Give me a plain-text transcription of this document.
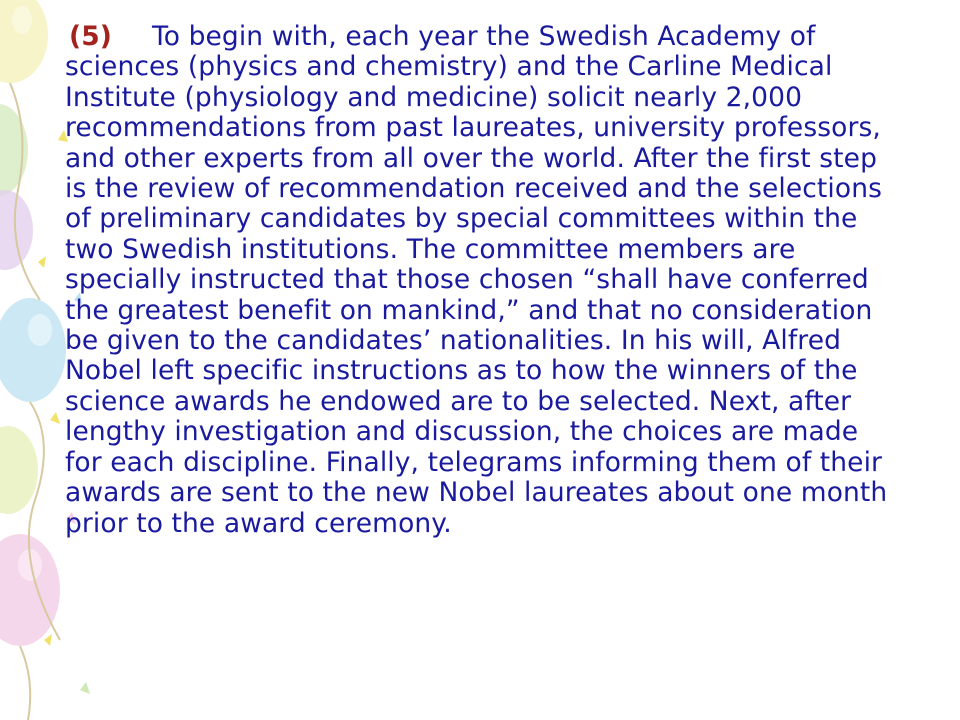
(5) To begin with, each year the Swedish Academy of sciences (physics and chemistry) and the Carline Medical Institute (physiology and medicine) solicit nearly 2,000 recommendations from past laureates, university professors, and other experts from all over the world. After the first step is the review of recommendation received and the selections of preliminary candidates by special committees within the two Swedish institutions. The committee members are specially instructed that those chosen “shall have conferred the greatest benefit on mankind,” and that no consideration be given to the candidates’ nationalities. In his will, Alfred Nobel left specific instructions as to how the winners of the science awards he endowed are to be selected. Next, after lengthy investigation and discussion, the choices are made for each discipline. Finally, telegrams informing them of their awards are sent to the new Nobel laureates about one month prior to the award ceremony.
